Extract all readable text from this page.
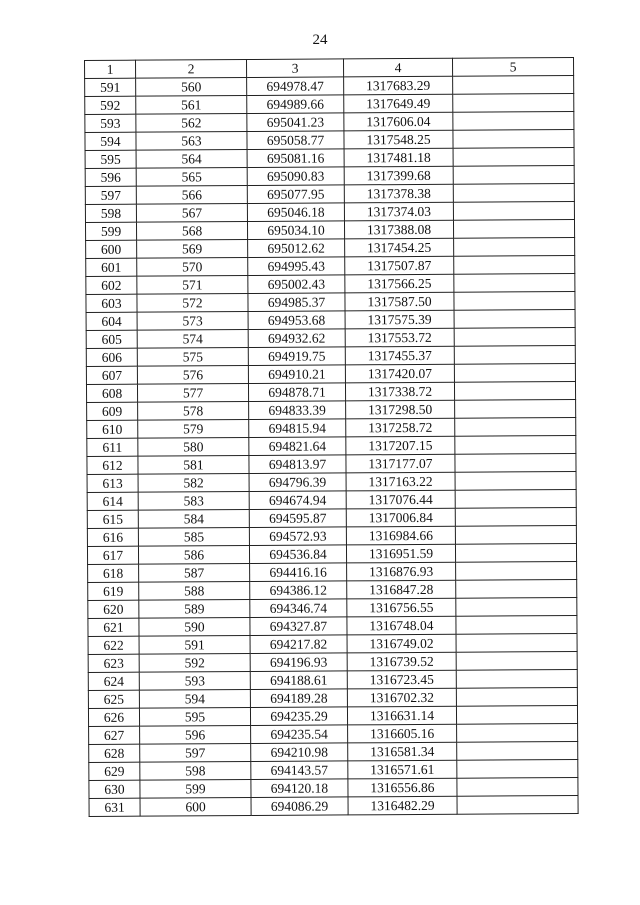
24
1	2	3	4	5
591	560	694978.47	1317683.29	
592	561	694989.66	1317649.49	
593	562	695041.23	1317606.04	
594	563	695058.77	1317548.25	
595	564	695081.16	1317481.18	
596	565	695090.83	1317399.68	
597	566	695077.95	1317378.38	
598	567	695046.18	1317374.03	
599	568	695034.10	1317388.08	
600	569	695012.62	1317454.25	
601	570	694995.43	1317507.87	
602	571	695002.43	1317566.25	
603	572	694985.37	1317587.50	
604	573	694953.68	1317575.39	
605	574	694932.62	1317553.72	
606	575	694919.75	1317455.37	
607	576	694910.21	1317420.07	
608	577	694878.71	1317338.72	
609	578	694833.39	1317298.50	
610	579	694815.94	1317258.72	
611	580	694821.64	1317207.15	
612	581	694813.97	1317177.07	
613	582	694796.39	1317163.22	
614	583	694674.94	1317076.44	
615	584	694595.87	1317006.84	
616	585	694572.93	1316984.66	
617	586	694536.84	1316951.59	
618	587	694416.16	1316876.93	
619	588	694386.12	1316847.28	
620	589	694346.74	1316756.55	
621	590	694327.87	1316748.04	
622	591	694217.82	1316749.02	
623	592	694196.93	1316739.52	
624	593	694188.61	1316723.45	
625	594	694189.28	1316702.32	
626	595	694235.29	1316631.14	
627	596	694235.54	1316605.16	
628	597	694210.98	1316581.34	
629	598	694143.57	1316571.61	
630	599	694120.18	1316556.86	
631	600	694086.29	1316482.29	
